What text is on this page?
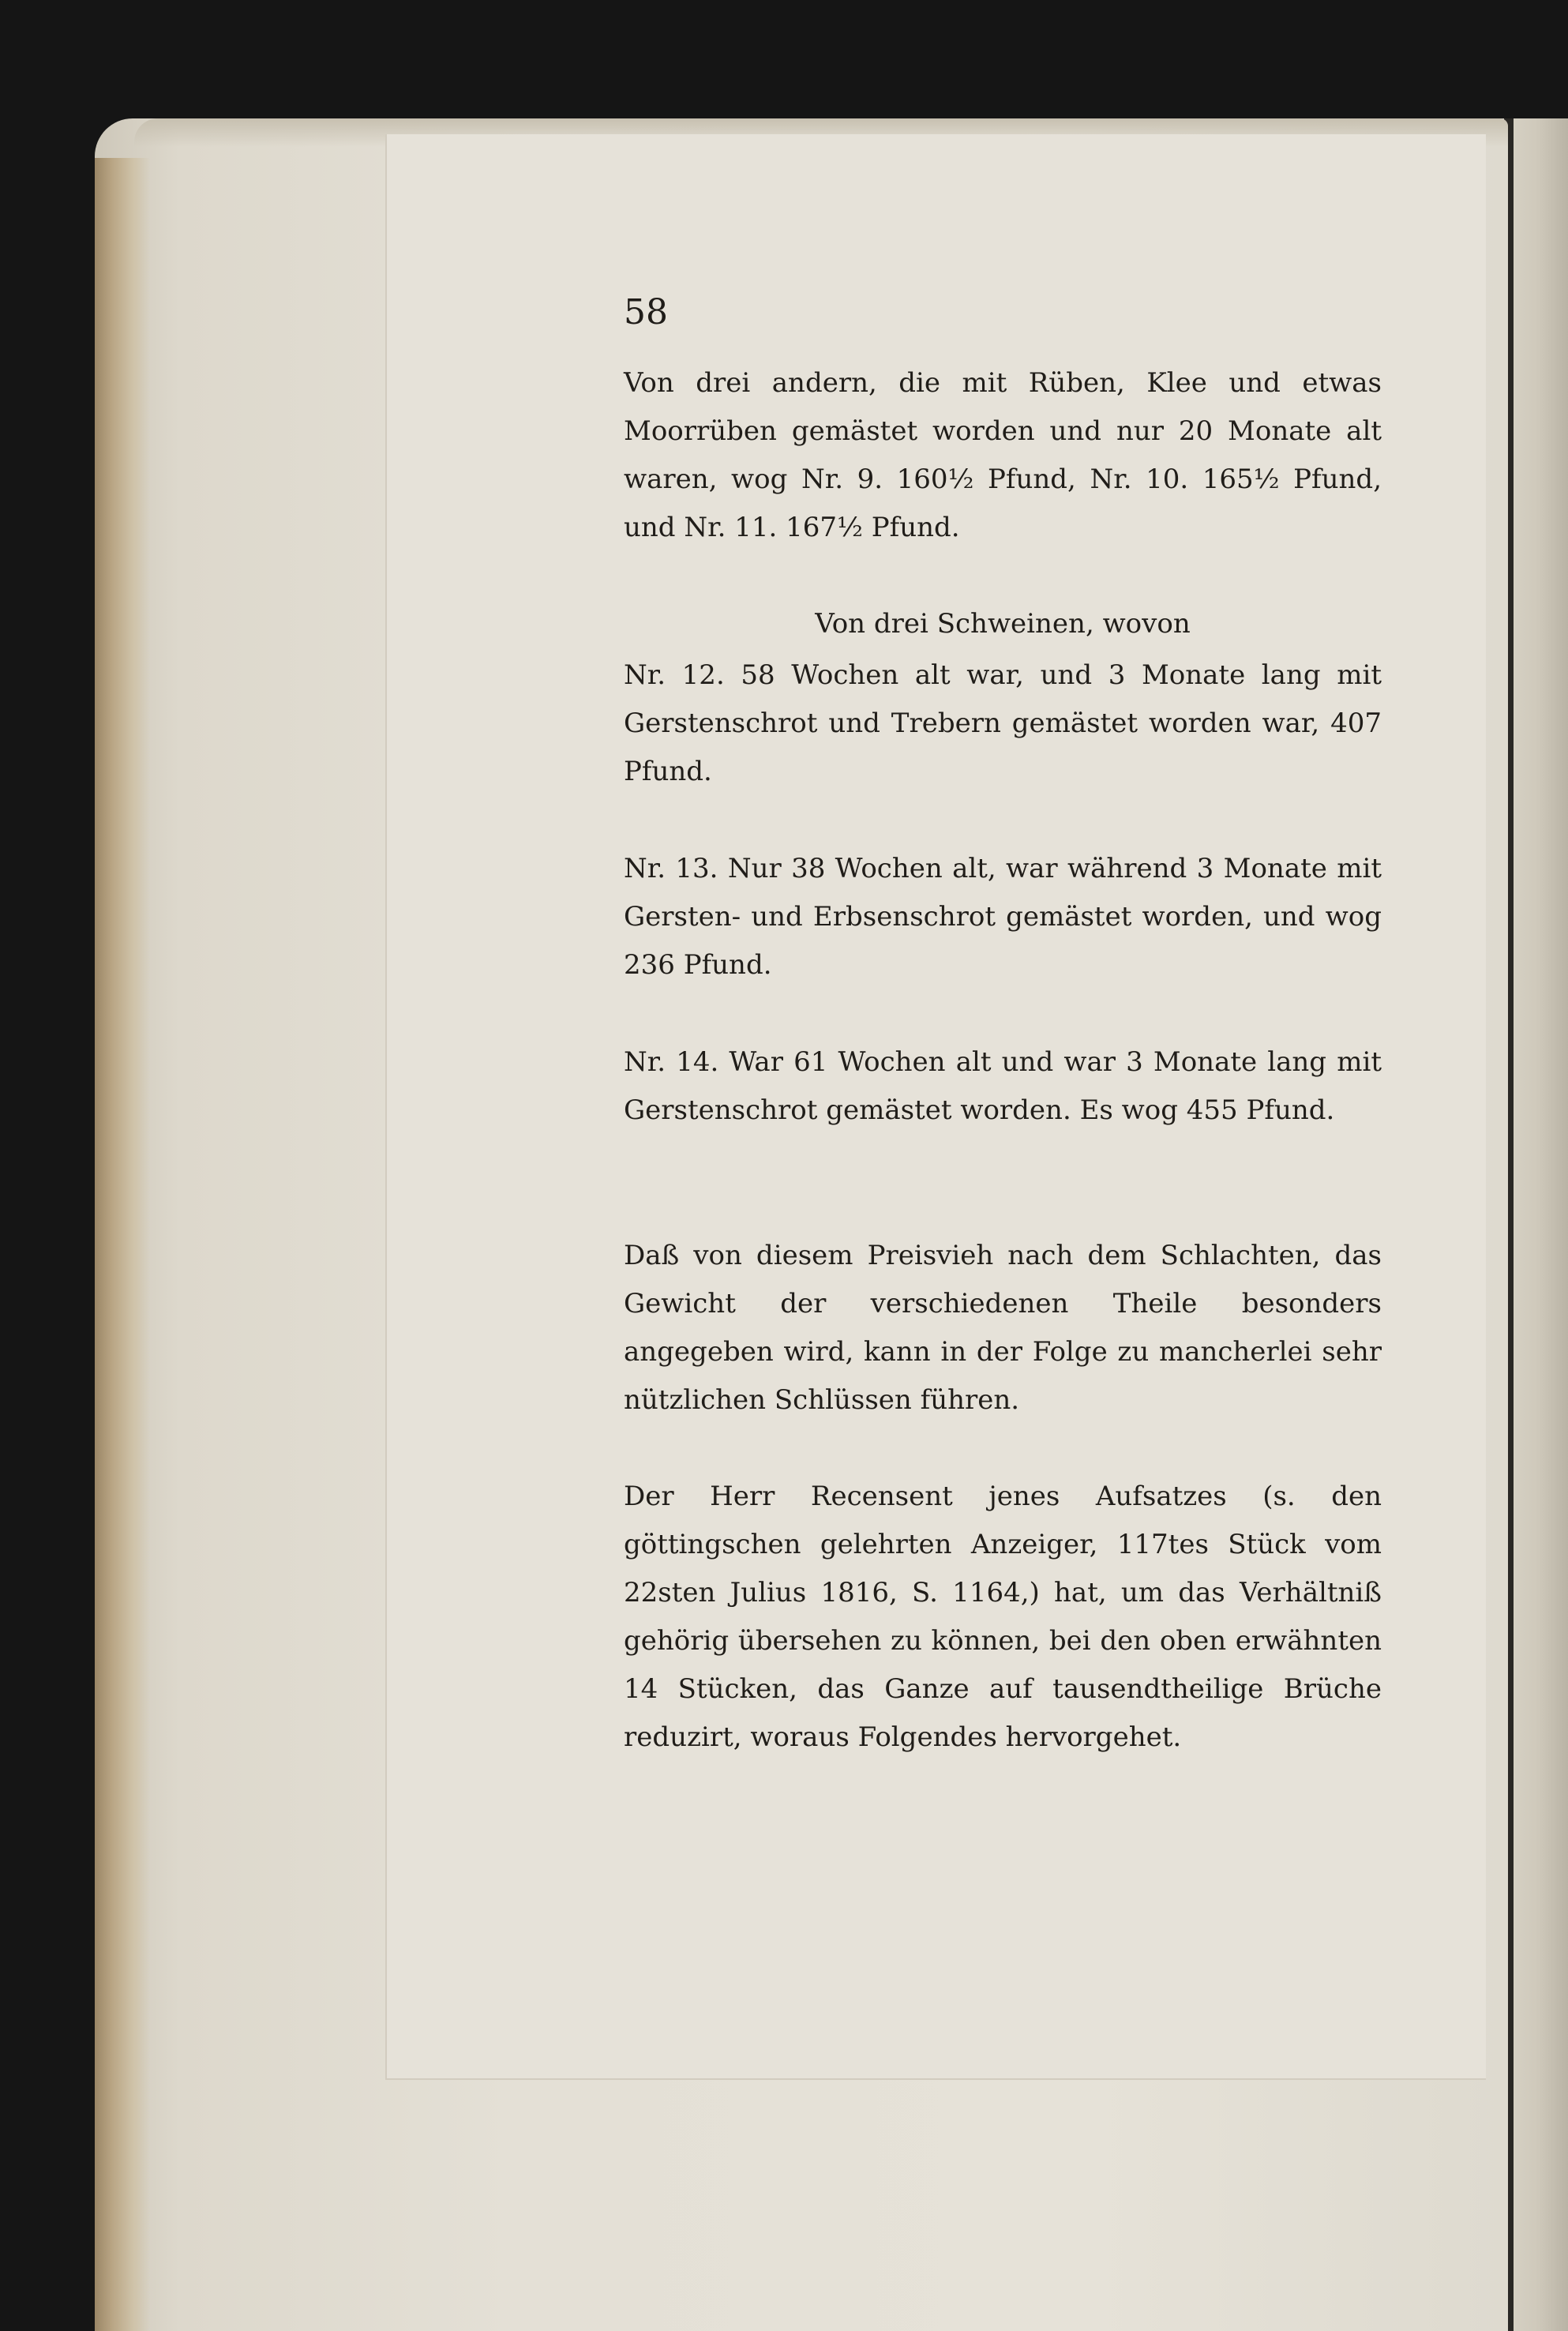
58

Von drei andern, die mit Rüben, Klee und etwas Moorrüben gemästet worden und nur 20 Monate alt waren, wog Nr. 9. 160½ Pfund, Nr. 10. 165½ Pfund, und Nr. 11. 167½ Pfund.

Von drei Schweinen, wovon

Nr. 12. 58 Wochen alt war, und 3 Monate lang mit Gerstenschrot und Trebern gemästet worden war, 407 Pfund.

Nr. 13. Nur 38 Wochen alt, war während 3 Monate mit Gersten- und Erbsenschrot gemästet worden, und wog 236 Pfund.

Nr. 14. War 61 Wochen alt und war 3 Monate lang mit Gerstenschrot gemästet worden. Es wog 455 Pfund.

Daß von diesem Preisvieh nach dem Schlachten, das Gewicht der verschiedenen Theile besonders angegeben wird, kann in der Folge zu mancherlei sehr nützlichen Schlüssen führen.

Der Herr Recensent jenes Aufsatzes (s. den göttingschen gelehrten Anzeiger, 117tes Stück vom 22sten Julius 1816, S. 1164,) hat, um das Verhältniß gehörig übersehen zu können, bei den oben erwähnten 14 Stücken, das Ganze auf tausendtheilige Brüche reduzirt, woraus Folgendes hervorgehet.
